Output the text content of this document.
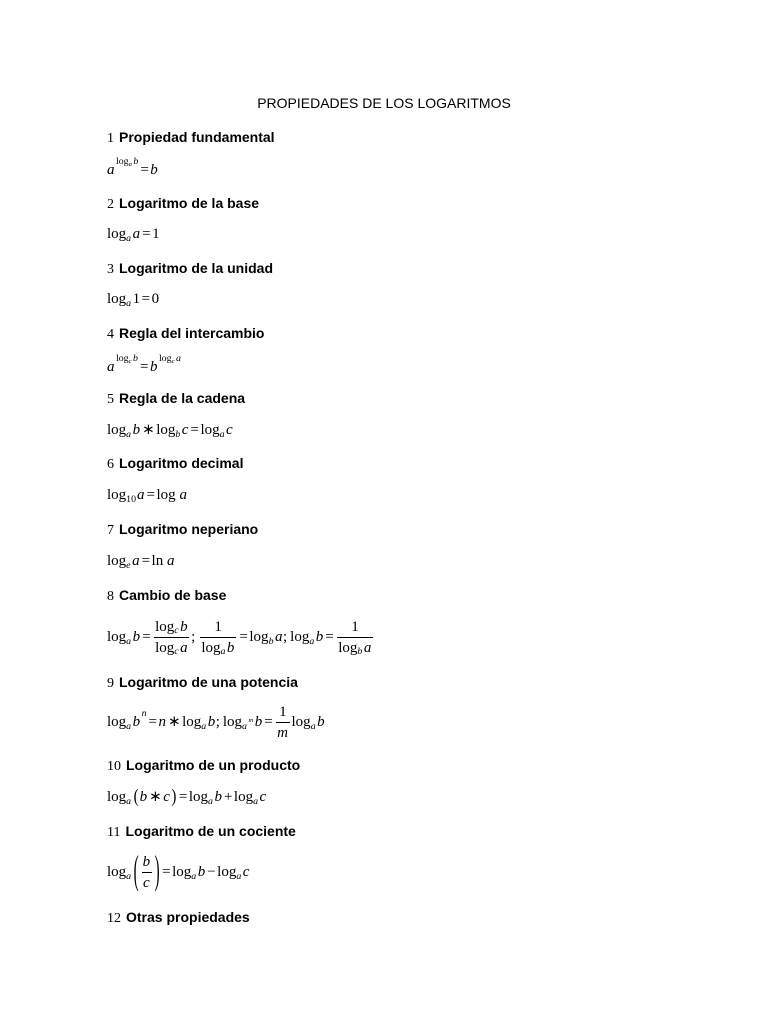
PROPIEDADES DE LOS LOGARITMOS
1 Propiedad fundamental
a
log a b
= b
2 Logaritmo de la base
log a a = 1
3 Logaritmo de la unidad
log a 1 = 0
4 Regla del intercambio
a
log c b
= b
log c a
5 Regla de la cadena
log a b ∗ log b c = log a c
6 Logaritmo decimal
log 10 a = log a
7 Logaritmo neperiano
log e a = ln a
8 Cambio de base
log a $b = \frac{\text{log c b}}{\text{log c a}}$ ; $\frac{1}{\text{log a b}} = \log b$ a ; log a $b = \frac{1}{\text{log b a}}$
9 Logaritmo de una potencia
log a b
n
= n ∗ log a b ; log a m $b = \frac{1}{m}$ log a b
10 Logaritmo de un producto
log a ( b ∗ c ) = log a b + log a c
11 Logaritmo de un cociente
log a ( $\frac{b}{c}$ ) = log a b − log a c
12 Otras propiedades
